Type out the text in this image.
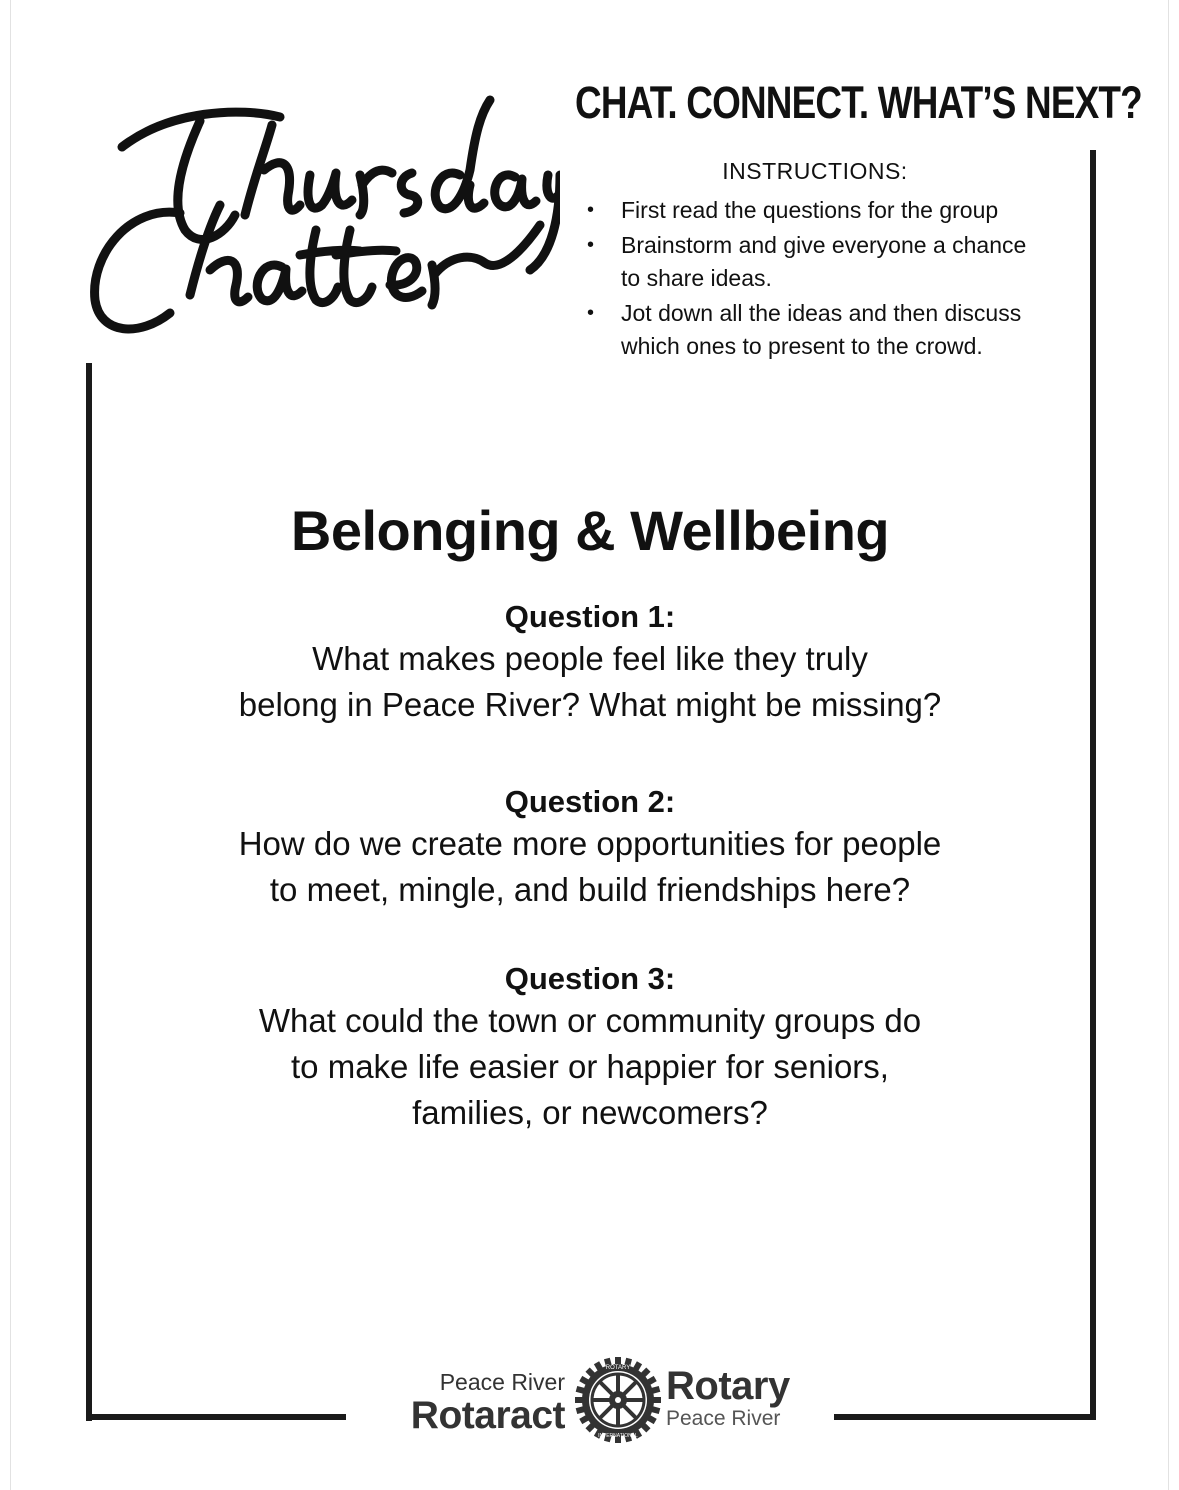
CHAT. CONNECT. WHAT’S NEXT?
INSTRUCTIONS:
• First read the questions for the group
• Brainstorm and give everyone a chance
to share ideas.
• Jot down all the ideas and then discuss
which ones to present to the crowd.
Belonging & Wellbeing
Question 1:
What makes people feel like they truly
belong in Peace River? What might be missing?
Question 2:
How do we create more opportunities for people
to meet, mingle, and build friendships here?
Question 3:
What could the town or community groups do
to make life easier or happier for seniors,
families, or newcomers?
Peace River
Rotaract
ROTARY
INTERNATIONAL
Rotary
Peace River
